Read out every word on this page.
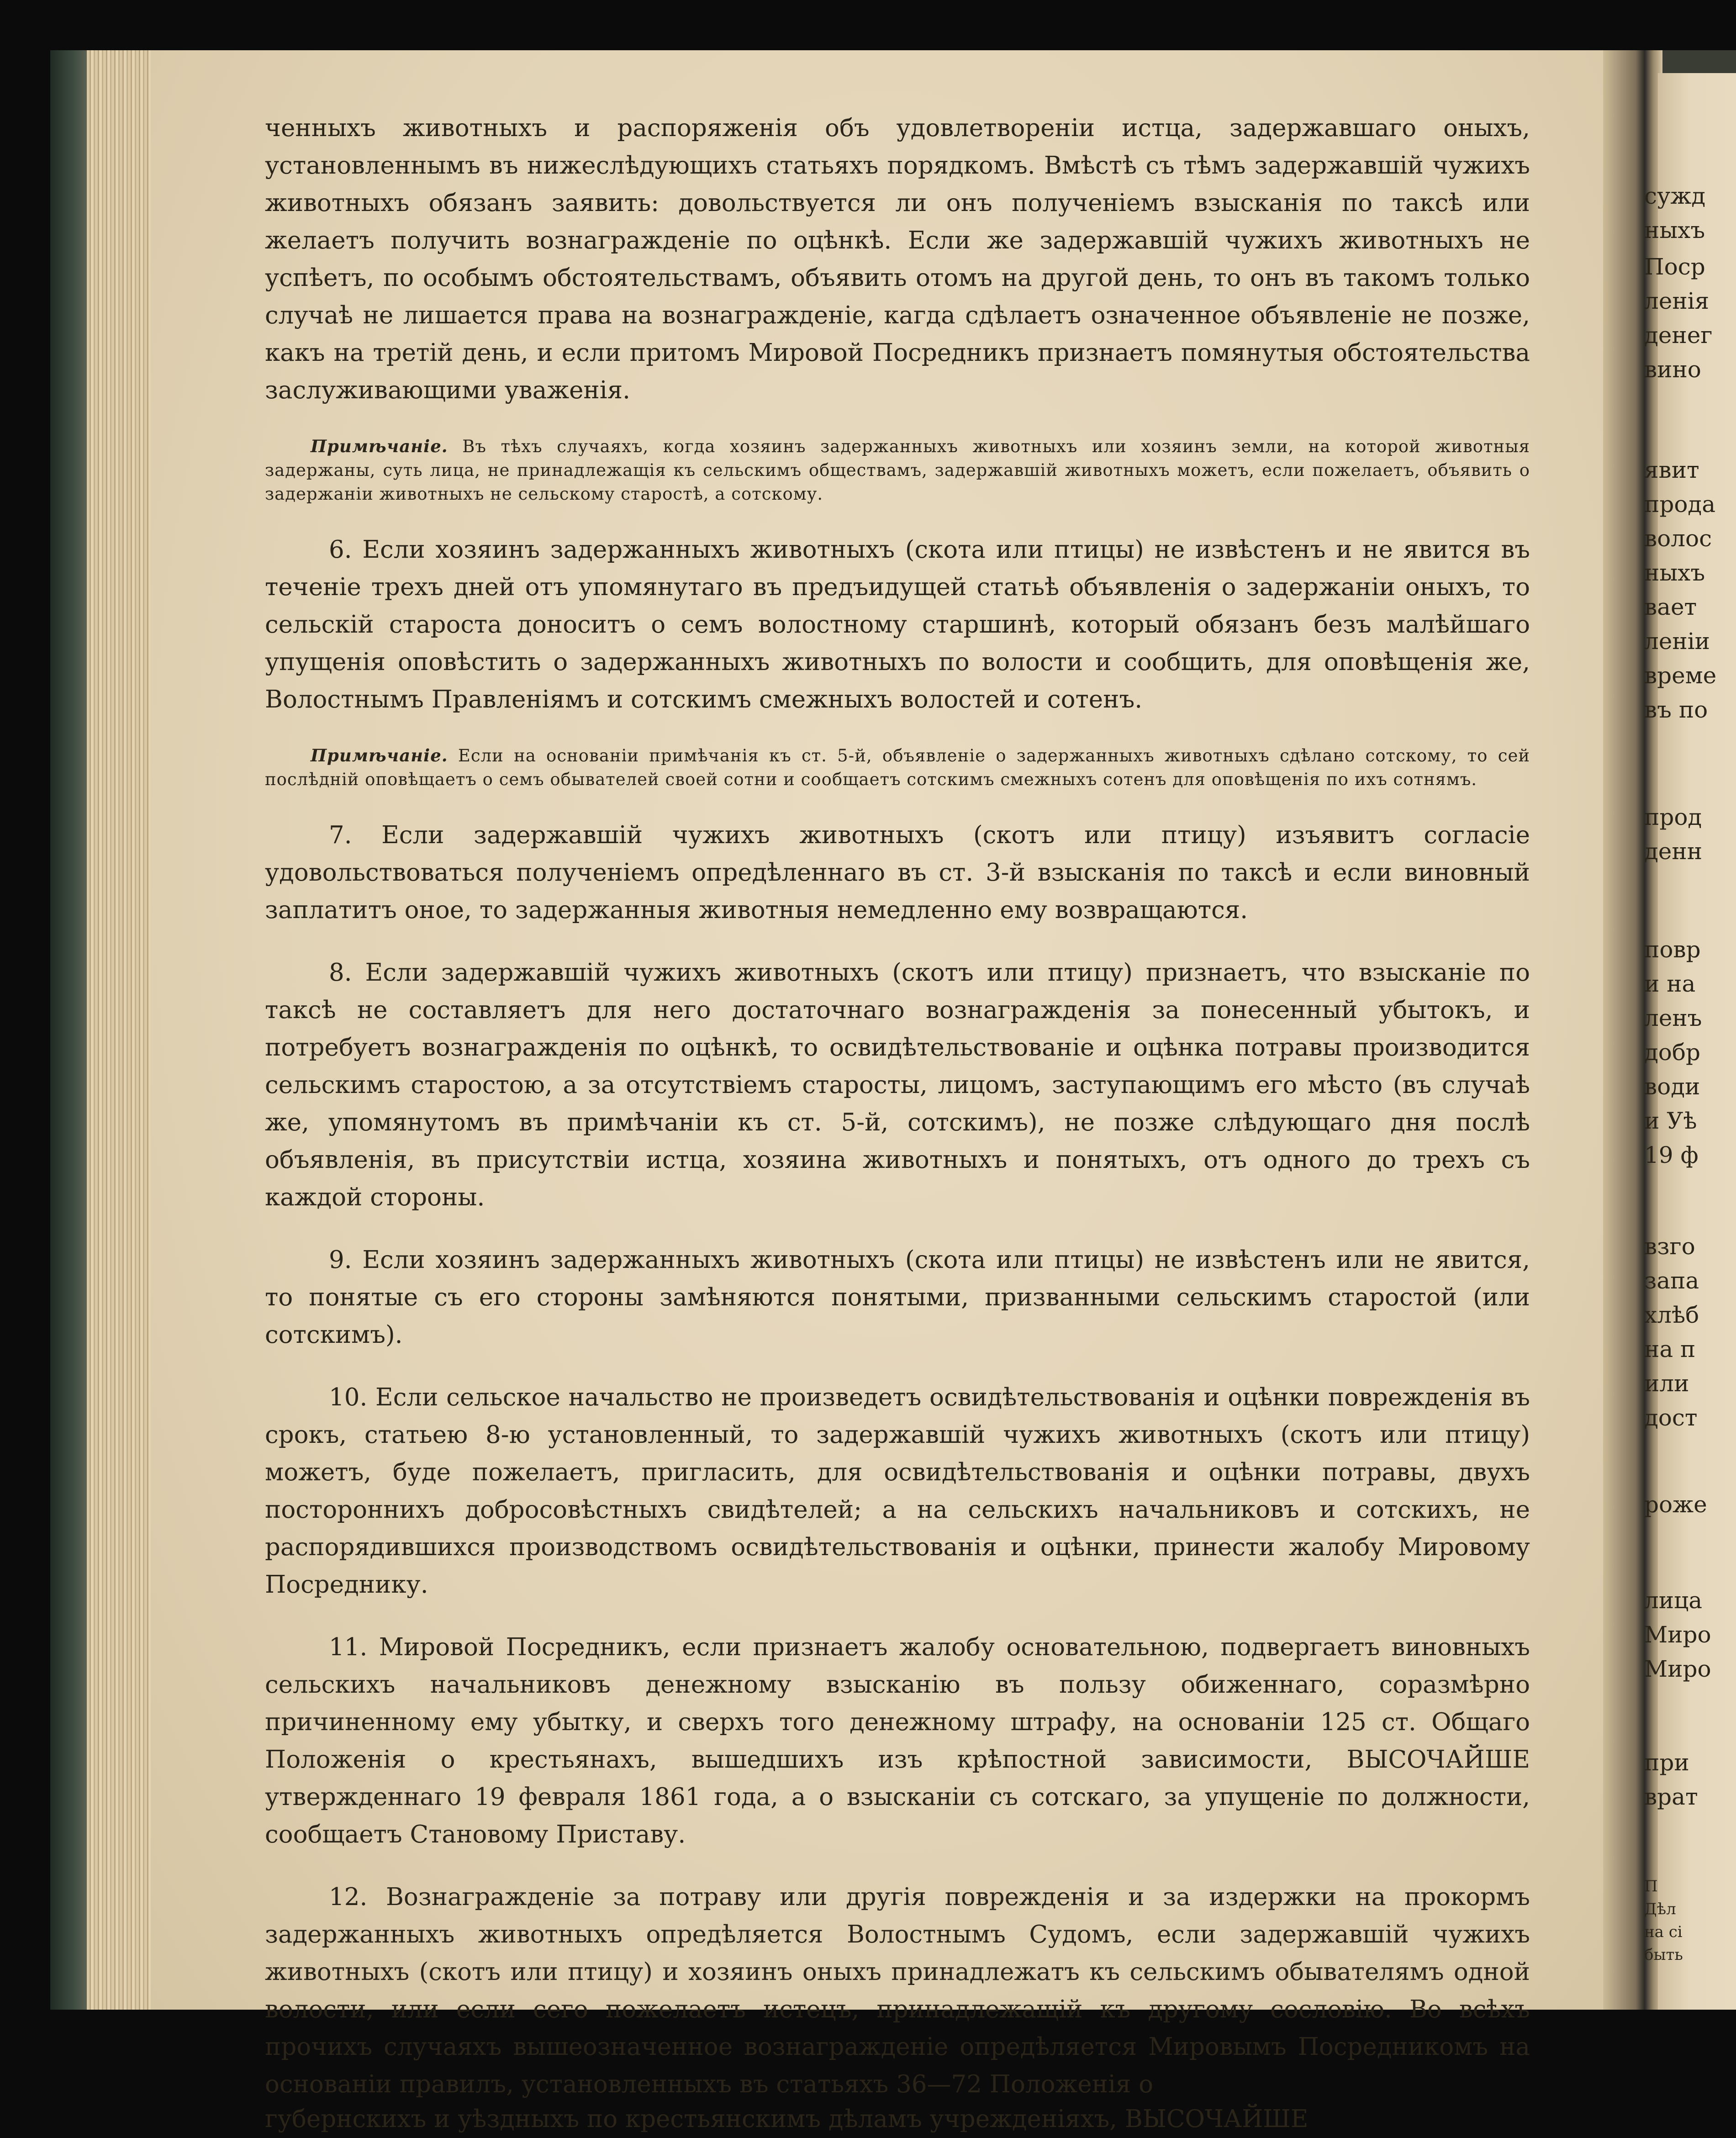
ченныхъ животныхъ и распоряженія объ удовлетвореніи истца, задержавшаго оныхъ, установленнымъ въ нижеслѣдующихъ статьяхъ порядкомъ. Вмѣстѣ съ тѣмъ задержавшій чужихъ животныхъ обязанъ заявить: довольствуется ли онъ полученіемъ взысканія по таксѣ или желаетъ получить вознагражденіе по оцѣнкѣ. Если же задержавшій чужихъ животныхъ не успѣетъ, по особымъ обстоятельствамъ, объявить отомъ на другой день, то онъ въ такомъ только случаѣ не лишается права на вознагражденіе, кагда сдѣлаетъ означенное объявленіе не позже, какъ на третій день, и если притомъ Мировой Посредникъ признаетъ помянутыя обстоятельства заслуживающими уваженія.

Примѣчаніе. Въ тѣхъ случаяхъ, когда хозяинъ задержанныхъ животныхъ или хозяинъ земли, на которой животныя задержаны, суть лица, не принадлежащія къ сельскимъ обществамъ, задержавшій животныхъ можетъ, если пожелаетъ, объявить о задержаніи животныхъ не сельскому старостѣ, а сотскому.

6. Если хозяинъ задержанныхъ животныхъ (скота или птицы) не извѣстенъ и не явится въ теченіе трехъ дней отъ упомянутаго въ предъидущей статьѣ объявленія о задержаніи оныхъ, то сельскій староста доноситъ о семъ волостному старшинѣ, который обязанъ безъ малѣйшаго упущенія оповѣстить о задержанныхъ животныхъ по волости и сообщить, для оповѣщенія же, Волостнымъ Правленіямъ и сотскимъ смежныхъ волостей и сотенъ.

Примѣчаніе. Если на основаніи примѣчанія къ ст. 5-й, объявленіе о задержанныхъ животныхъ сдѣлано сотскому, то сей послѣдній оповѣщаетъ о семъ обывателей своей сотни и сообщаетъ сотскимъ смежныхъ сотенъ для оповѣщенія по ихъ сотнямъ.

7. Если задержавшій чужихъ животныхъ (скотъ или птицу) изъявитъ согласіе удовольствоваться полученіемъ опредѣленнаго въ ст. 3-й взысканія по таксѣ и если виновный заплатитъ оное, то задержанныя животныя немедленно ему возвращаются.

8. Если задержавшій чужихъ животныхъ (скотъ или птицу) признаетъ, что взысканіе по таксѣ не составляетъ для него достаточнаго вознагражденія за понесенный убытокъ, и потребуетъ вознагражденія по оцѣнкѣ, то освидѣтельствованіе и оцѣнка потравы производится сельскимъ старостою, а за отсутствіемъ старосты, лицомъ, заступающимъ его мѣсто (въ случаѣ же, упомянутомъ въ примѣчаніи къ ст. 5-й, сотскимъ), не позже слѣдующаго дня послѣ объявленія, въ присутствіи истца, хозяина животныхъ и понятыхъ, отъ одного до трехъ съ каждой стороны.

9. Если хозяинъ задержанныхъ животныхъ (скота или птицы) не извѣстенъ или не явится, то понятые съ его стороны замѣняются понятыми, призванными сельскимъ старостой (или сотскимъ).

10. Если сельское начальство не произведетъ освидѣтельствованія и оцѣнки поврежденія въ срокъ, статьею 8-ю установленный, то задержавшій чужихъ животныхъ (скотъ или птицу) можетъ, буде пожелаетъ, пригласить, для освидѣтельствованія и оцѣнки потравы, двухъ постороннихъ добросовѣстныхъ свидѣтелей; а на сельскихъ начальниковъ и сотскихъ, не распорядившихся производствомъ освидѣтельствованія и оцѣнки, принести жалобу Мировому Посреднику.

11. Мировой Посредникъ, если признаетъ жалобу основательною, подвергаетъ виновныхъ сельскихъ начальниковъ денежному взысканію въ пользу обиженнаго, соразмѣрно причиненному ему убытку, и сверхъ того денежному штрафу, на основаніи 125 ст. Общаго Положенія о крестьянахъ, вышедшихъ изъ крѣпостной зависимости, ВЫСОЧАЙШЕ утвержденнаго 19 февраля 1861 года, а о взысканіи съ сотскаго, за упущеніе по должности, сообщаетъ Становому Приставу.

12. Вознагражденіе за потраву или другія поврежденія и за издержки на прокормъ задержанныхъ животныхъ опредѣляется Волостнымъ Судомъ, если задержавшій чужихъ животныхъ (скотъ или птицу) и хозяинъ оныхъ принадлежатъ къ сельскимъ обывателямъ одной волости, или если сего пожелаетъ истецъ, принадлежащій къ другому сословію. Во всѣхъ прочихъ случаяхъ вышеозначенное вознагражденіе опредѣляется Мировымъ Посредникомъ на основаніи правилъ, установленныхъ въ статьяхъ 36—72 Положенія о

губернскихъ и уѣздныхъ по крестьянскимъ дѣламъ учрежденіяхъ, ВЫСОЧАЙШЕ

сужд
ныхъ
Поср
ленія
денег
вино
явит
прода
волос
ныхъ
вает
леніи
време
въ по
прод
денн
повр
и на
ленъ
добр
води
и Уѣ
19 ф
взго
запа
хлѣб
на п
или
дост
роже
лица
Миро
Миро
при
врат
П
Дѣл
на сі
быть
